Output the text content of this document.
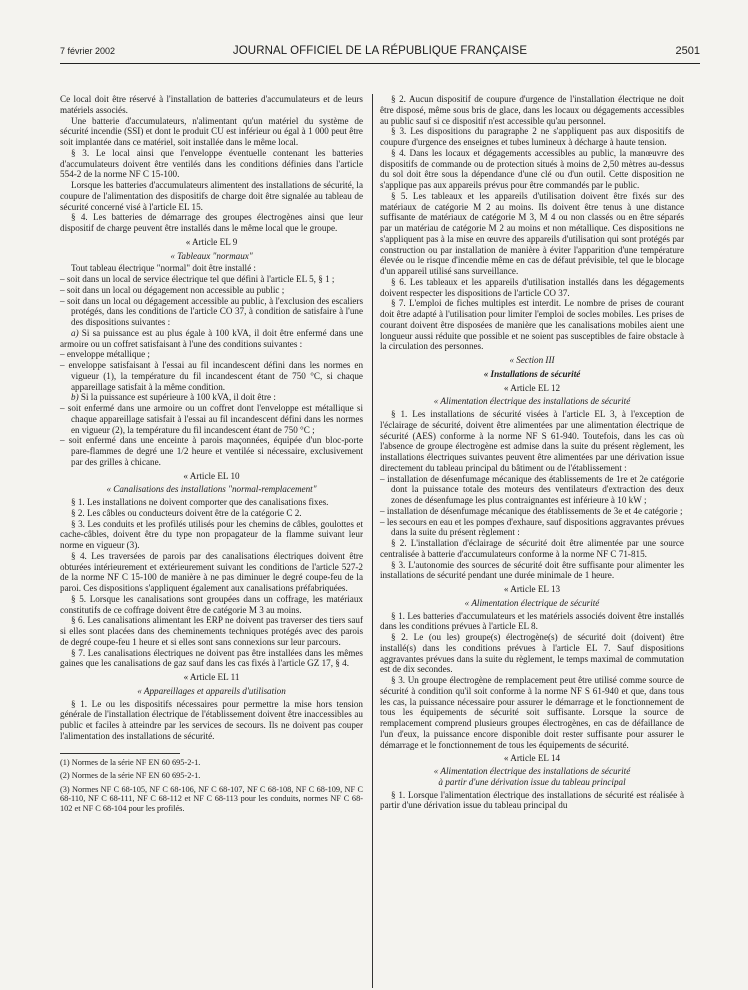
7 février 2002	JOURNAL OFFICIEL DE LA RÉPUBLIQUE FRANÇAISE	2501

Ce local doit être réservé à l'installation de batteries d'accumulateurs et de leurs matériels associés.

Une batterie d'accumulateurs, n'alimentant qu'un matériel du système de sécurité incendie (SSI) et dont le produit CU est inférieur ou égal à 1 000 peut être soit implantée dans ce matériel, soit installée dans le même local.

§ 3. Le local ainsi que l'enveloppe éventuelle contenant les batteries d'accumulateurs doivent être ventilés dans les conditions définies dans l'article 554-2 de la norme NF C 15-100.

Lorsque les batteries d'accumulateurs alimentent des installations de sécurité, la coupure de l'alimentation des dispositifs de charge doit être signalée au tableau de sécurité concerné visé à l'article EL 15.

§ 4. Les batteries de démarrage des groupes électrogènes ainsi que leur dispositif de charge peuvent être installés dans le même local que le groupe.

« Article EL 9
« Tableaux "normaux"

Tout tableau électrique "normal" doit être installé :

– soit dans un local de service électrique tel que défini à l'article EL 5, § 1 ;
– soit dans un local ou dégagement non accessible au public ;
– soit dans un local ou dégagement accessible au public, à l'exclusion des escaliers protégés, dans les conditions de l'article CO 37, à condition de satisfaire à l'une des dispositions suivantes :

a) Si sa puissance est au plus égale à 100 kVA, il doit être enfermé dans une armoire ou un coffret satisfaisant à l'une des conditions suivantes :

– enveloppe métallique ;
– enveloppe satisfaisant à l'essai au fil incandescent défini dans les normes en vigueur (1), la température du fil incandescent étant de 750 °C, si chaque appareillage satisfait à la même condition.

b) Si la puissance est supérieure à 100 kVA, il doit être :

– soit enfermé dans une armoire ou un coffret dont l'enveloppe est métallique si chaque appareillage satisfait à l'essai au fil incandescent défini dans les normes en vigueur (2), la température du fil incandescent étant de 750 °C ;
– soit enfermé dans une enceinte à parois maçonnées, équipée d'un bloc-porte pare-flammes de degré une 1/2 heure et ventilée si nécessaire, exclusivement par des grilles à chicane.
« Article EL 10
« Canalisations des installations "normal-remplacement"

§ 1. Les installations ne doivent comporter que des canalisations fixes.

§ 2. Les câbles ou conducteurs doivent être de la catégorie C 2.

§ 3. Les conduits et les profilés utilisés pour les chemins de câbles, goulottes et cache-câbles, doivent être du type non propagateur de la flamme suivant leur norme en vigueur (3).

§ 4. Les traversées de parois par des canalisations électriques doivent être obturées intérieurement et extérieurement suivant les conditions de l'article 527-2 de la norme NF C 15-100 de manière à ne pas diminuer le degré coupe-feu de la paroi. Ces dispositions s'appliquent également aux canalisations préfabriquées.

§ 5. Lorsque les canalisations sont groupées dans un coffrage, les matériaux constitutifs de ce coffrage doivent être de catégorie M 3 au moins.

§ 6. Les canalisations alimentant les ERP ne doivent pas traverser des tiers sauf si elles sont placées dans des cheminements techniques protégés avec des parois de degré coupe-feu 1 heure et si elles sont sans connexions sur leur parcours.

§ 7. Les canalisations électriques ne doivent pas être installées dans les mêmes gaines que les canalisations de gaz sauf dans les cas fixés à l'article GZ 17, § 4.

« Article EL 11
« Appareillages et appareils d'utilisation

§ 1. Le ou les dispositifs nécessaires pour permettre la mise hors tension générale de l'installation électrique de l'établissement doivent être inaccessibles au public et faciles à atteindre par les services de secours. Ils ne doivent pas couper l'alimentation des installations de sécurité.

(1) Normes de la série NF EN 60 695-2-1.

(2) Normes de la série NF EN 60 695-2-1.

(3) Normes NF C 68-105, NF C 68-106, NF C 68-107, NF C 68-108, NF C 68-109, NF C 68-110, NF C 68-111, NF C 68-112 et NF C 68-113 pour les conduits, normes NF C 68-102 et NF C 68-104 pour les profilés.

§ 2. Aucun dispositif de coupure d'urgence de l'installation électrique ne doit être disposé, même sous bris de glace, dans les locaux ou dégagements accessibles au public sauf si ce dispositif n'est accessible qu'au personnel.

§ 3. Les dispositions du paragraphe 2 ne s'appliquent pas aux dispositifs de coupure d'urgence des enseignes et tubes lumineux à décharge à haute tension.

§ 4. Dans les locaux et dégagements accessibles au public, la manœuvre des dispositifs de commande ou de protection situés à moins de 2,50 mètres au-dessus du sol doit être sous la dépendance d'une clé ou d'un outil. Cette disposition ne s'applique pas aux appareils prévus pour être commandés par le public.

§ 5. Les tableaux et les appareils d'utilisation doivent être fixés sur des matériaux de catégorie M 2 au moins. Ils doivent être tenus à une distance suffisante de matériaux de catégorie M 3, M 4 ou non classés ou en être séparés par un matériau de catégorie M 2 au moins et non métallique. Ces dispositions ne s'appliquent pas à la mise en œuvre des appareils d'utilisation qui sont protégés par construction ou par installation de manière à éviter l'apparition d'une température élevée ou le risque d'incendie même en cas de défaut prévisible, tel que le blocage d'un appareil utilisé sans surveillance.

§ 6. Les tableaux et les appareils d'utilisation installés dans les dégagements doivent respecter les dispositions de l'article CO 37.

§ 7. L'emploi de fiches multiples est interdit. Le nombre de prises de courant doit être adapté à l'utilisation pour limiter l'emploi de socles mobiles. Les prises de courant doivent être disposées de manière que les canalisations mobiles aient une longueur aussi réduite que possible et ne soient pas susceptibles de faire obstacle à la circulation des personnes.

« Section III
« Installations de sécurité
« Article EL 12
« Alimentation électrique des installations de sécurité

§ 1. Les installations de sécurité visées à l'article EL 3, à l'exception de l'éclairage de sécurité, doivent être alimentées par une alimentation électrique de sécurité (AES) conforme à la norme NF S 61-940. Toutefois, dans les cas où l'absence de groupe électrogène est admise dans la suite du présent règlement, les installations électriques suivantes peuvent être alimentées par une dérivation issue directement du tableau principal du bâtiment ou de l'établissement :

– installation de désenfumage mécanique des établissements de 1re et 2e catégorie dont la puissance totale des moteurs des ventilateurs d'extraction des deux zones de désenfumage les plus contraignantes est inférieure à 10 kW ;
– installation de désenfumage mécanique des établissements de 3e et 4e catégorie ;
– les secours en eau et les pompes d'exhaure, sauf dispositions aggravantes prévues dans la suite du présent règlement :

§ 2. L'installation d'éclairage de sécurité doit être alimentée par une source centralisée à batterie d'accumulateurs conforme à la norme NF C 71-815.

§ 3. L'autonomie des sources de sécurité doit être suffisante pour alimenter les installations de sécurité pendant une durée minimale de 1 heure.

« Article EL 13
« Alimentation électrique de sécurité

§ 1. Les batteries d'accumulateurs et les matériels associés doivent être installés dans les conditions prévues à l'article EL 8.

§ 2. Le (ou les) groupe(s) électrogène(s) de sécurité doit (doivent) être installé(s) dans les conditions prévues à l'article EL 7. Sauf dispositions aggravantes prévues dans la suite du règlement, le temps maximal de commutation est de dix secondes.

§ 3. Un groupe électrogène de remplacement peut être utilisé comme source de sécurité à condition qu'il soit conforme à la norme NF S 61-940 et que, dans tous les cas, la puissance nécessaire pour assurer le démarrage et le fonctionnement de tous les équipements de sécurité soit suffisante. Lorsque la source de remplacement comprend plusieurs groupes électrogènes, en cas de défaillance de l'un d'eux, la puissance encore disponible doit rester suffisante pour assurer le démarrage et le fonctionnement de tous les équipements de sécurité.

« Article EL 14
« Alimentation électrique des installations de sécurité
à partir d'une dérivation issue du tableau principal

§ 1. Lorsque l'alimentation électrique des installations de sécurité est réalisée à partir d'une dérivation issue du tableau principal du
